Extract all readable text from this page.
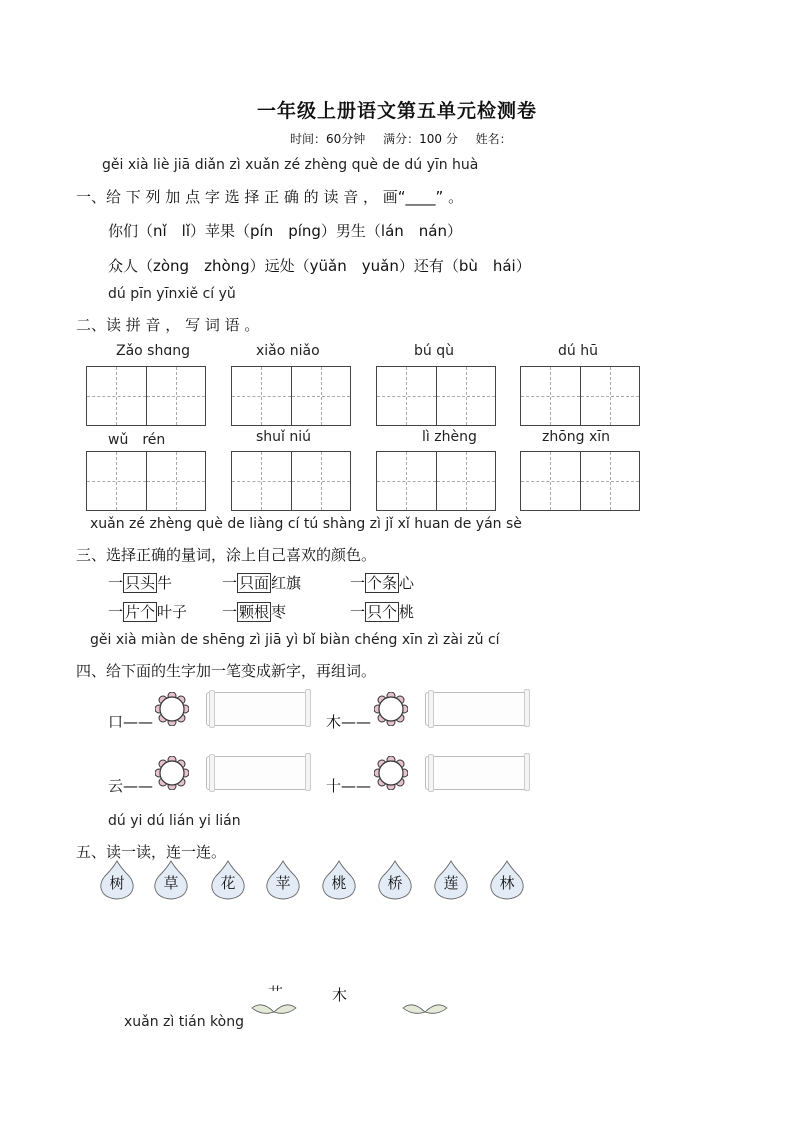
一年级上册语文第五单元检测卷
时间：60分钟 满分：100 分 姓名：
gěi xià liè jiā diǎn zì xuǎn zé zhèng què de dú yīn huà
一、给 下 列 加 点 字 选 择 正 确 的 读 音 ， 画“____” 。
你们（nǐ　lǐ）苹果（pín　píng）男生（lán　nán）
众人（zòng　zhòng）远处（yüǎn　yuǎn）还有（bù　hái）
dú pīn yīnxiě cí yǔ
二、读 拼 音 ， 写 词 语 。
Zǎo shɑng	xiǎo niǎo	bú qù	dú hū
wǔ　rén	shuǐ niú	lì zhèng	zhōng xīn
xuǎn zé zhèng què de liàng cí tú shàng zì jǐ xǐ huan de yán sè
三、选择正确的量词，涂上自己喜欢的颜色。
一 只头 牛	一 只面 红旗	一 个条 心
一 片个 叶子 一 颗根 枣	一 只个 桃
gěi xià miàn de shēng zì jiā yì bǐ biàn chéng xīn zì zài zǔ cí
四、给下面的生字加一笔变成新字，再组词。
口——	木——
云——	十——
dú yi dú lián yi lián
五、读一读，连一连。
树	草	花	苹	桃	桥	莲	林
艹	木
xuǎn zì tián kòng
